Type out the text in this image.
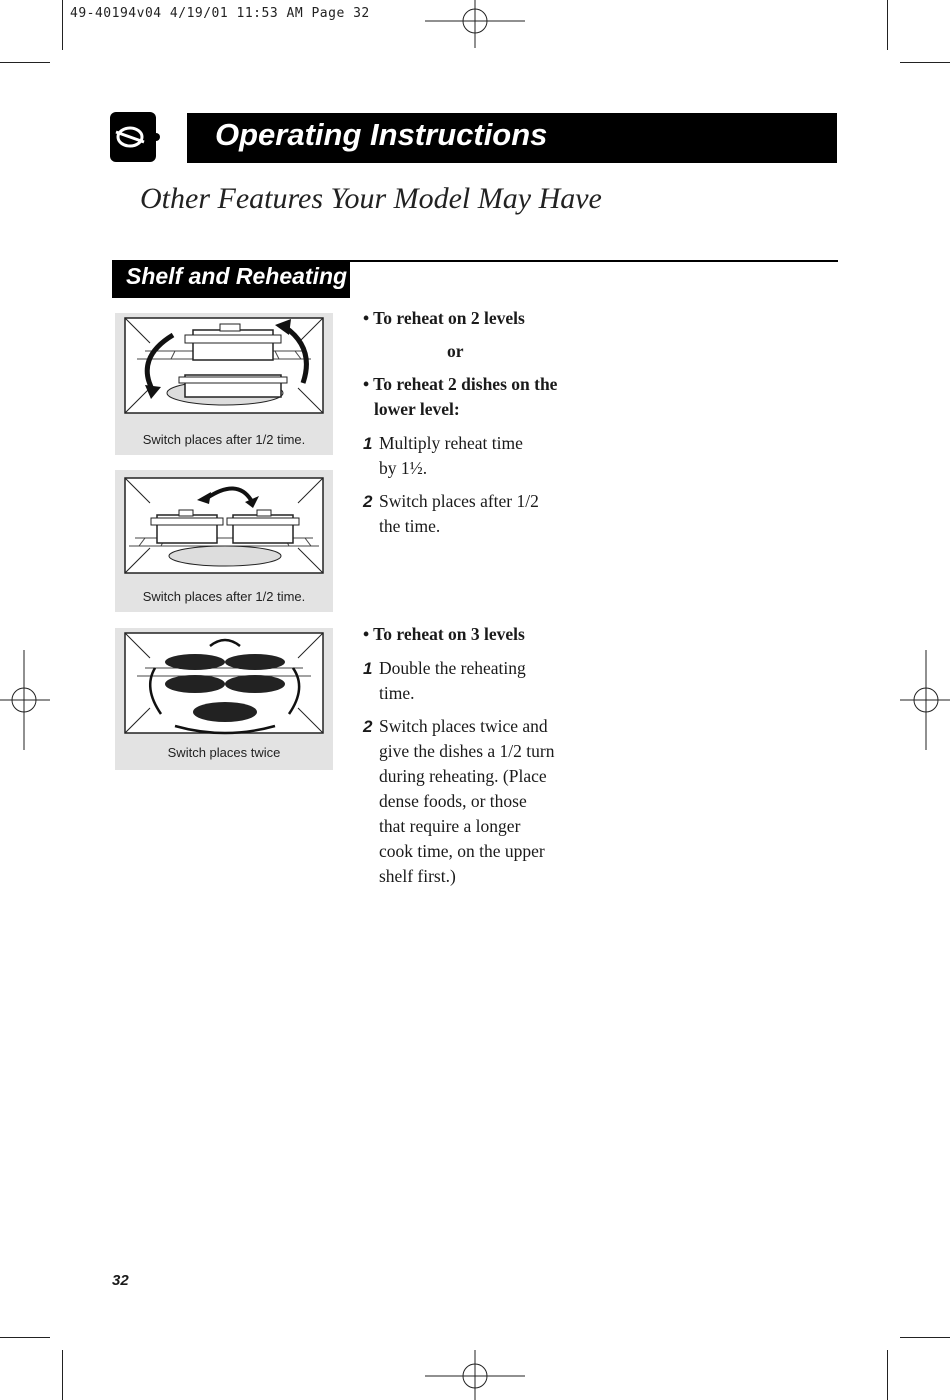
49-40194v04 4/19/01 11:53 AM Page 32
Operating Instructions
Other Features Your Model May Have
Shelf and Reheating
Switch places after 1/2 time.
Switch places after 1/2 time.
Switch places twice
• To reheat on 2 levels
or
• To reheat 2 dishes on the
lower level:
1 Multiply reheat time
by 1½.
2 Switch places after 1/2
the time.
• To reheat on 3 levels
1 Double the reheating
time.
2 Switch places twice and
give the dishes a 1/2 turn
during reheating. (Place
dense foods, or those
that require a longer
cook time, on the upper
shelf first.)
32
